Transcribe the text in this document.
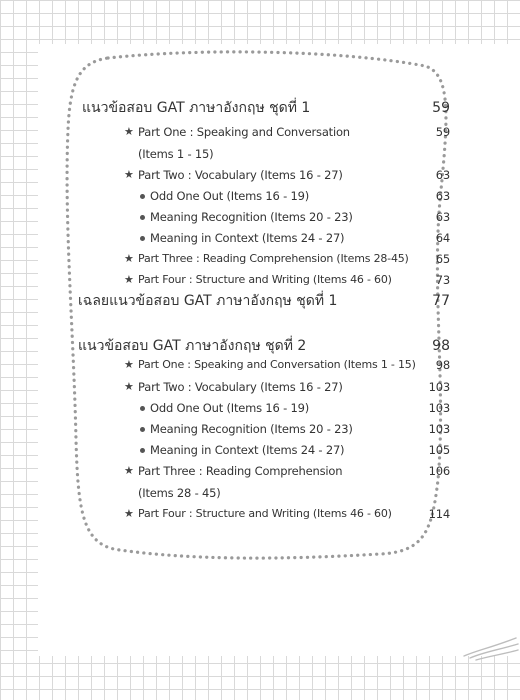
แนวข้อสอบ GAT ภาษาอังกฤษ ชุดที่ 1	59
★ Part One : Speaking and Conversation	59
(Items 1 - 15)
★ Part Two : Vocabulary (Items 16 - 27)	63
Odd One Out (Items 16 - 19)	63
Meaning Recognition (Items 20 - 23)	63
Meaning in Context (Items 24 - 27)	64
★ Part Three : Reading Comprehension (Items 28-45)	65
★ Part Four : Structure and Writing (Items 46 - 60)	73
เฉลยแนวข้อสอบ GAT ภาษาอังกฤษ ชุดที่ 1	77
แนวข้อสอบ GAT ภาษาอังกฤษ ชุดที่ 2	98
★ Part One : Speaking and Conversation (Items 1 - 15)	98
★ Part Two : Vocabulary (Items 16 - 27)	103
Odd One Out (Items 16 - 19)	103
Meaning Recognition (Items 20 - 23)	103
Meaning in Context (Items 24 - 27)	105
★ Part Three : Reading Comprehension	106
(Items 28 - 45)
★ Part Four : Structure and Writing (Items 46 - 60)	114
